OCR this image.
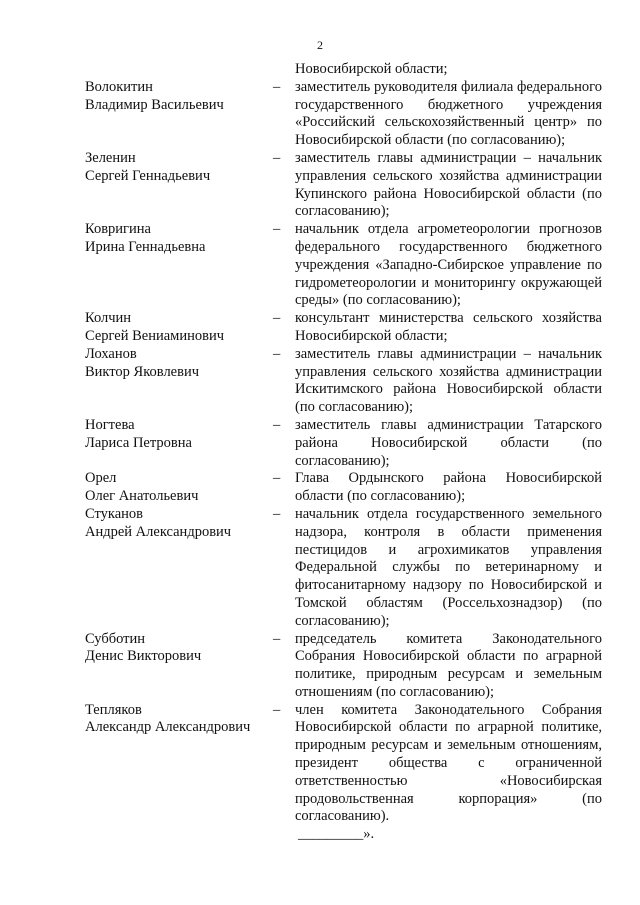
2
Новосибирской области;
Волокитин
Владимир Васильевич
–	заместитель руководителя филиала федерального государственного бюджетного учреждения «Российский сельскохозяйственный центр» по Новосибирской области (по согласованию);
Зеленин
Сергей Геннадьевич
–	заместитель главы администрации – начальник управления сельского хозяйства администрации Купинского района Новосибирской области (по согласованию);
Ковригина
Ирина Геннадьевна
–	начальник отдела агрометеорологии прогнозов федерального государственного бюджетного учреждения «Западно-Сибирское управление по гидрометеорологии и мониторингу окружающей среды» (по согласованию);
Колчин
Сергей Вениаминович
–	консультант министерства сельского хозяйства Новосибирской области;
Лоханов
Виктор Яковлевич
–	заместитель главы администрации – начальник управления сельского хозяйства администрации Искитимского района Новосибирской области (по согласованию);
Ногтева
Лариса Петровна
–	заместитель главы администрации Татарского района Новосибирской области (по согласованию);
Орел
Олег Анатольевич
–	Глава Ордынского района Новосибирской области (по согласованию);
Стуканов
Андрей Александрович
–	начальник отдела государственного земельного надзора, контроля в области применения пестицидов и агрохимикатов управления Федеральной службы по ветеринарному и фитосанитарному надзору по Новосибирской и Томской областям (Россельхознадзор) (по согласованию);
Субботин
Денис Викторович
–	председатель комитета Законодательного Собрания Новосибирской области по аграрной политике, природным ресурсам и земельным отношениям (по согласованию);
Тепляков
Александр Александрович
–	член комитета Законодательного Собрания Новосибирской области по аграрной политике, природным ресурсам и земельным отношениям, президент общества с ограниченной ответственностью «Новосибирская продовольственная корпорация» (по согласованию).
_________».
